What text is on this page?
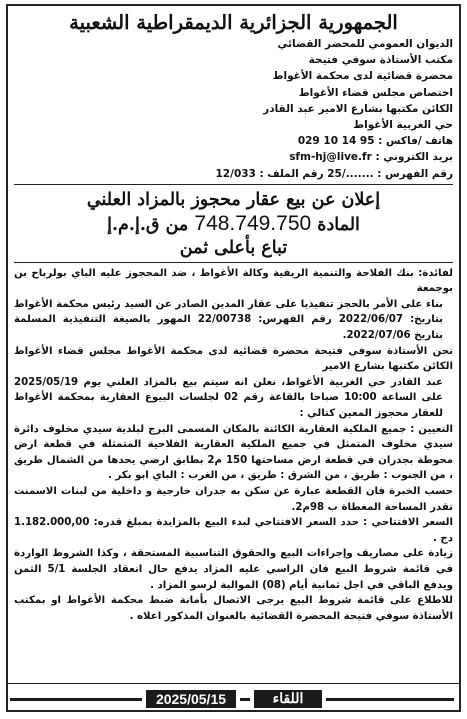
الجمهورية الجزائرية الديمقراطية الشعبية
الديوان العمومي للمحضر القضائي
مكتب الأستاذة سوفي فتيحة
محضرة قضائية لدى محكمة الأغواط
اختصاص مجلس قضاء الأغواط
الكائن مكتبها بشارع الامير عبد القادر
حي الغربية الأغواط
هاتف /فاكس : 029 10 14 95
بريد الكتروني : sfm-hj@live.fr
رقم الفهرس : ......./25 رقم الملف : 12/033
إعلان عن بيع عقار محجوز بالمزاد العلني
المادة 748.749.750 من ق.إ.م.إ
تباع بأعلى ثمن

لفائدة: بنك الفلاحة والتنمية الريفية وكالة الأغواط ، ضد المحجوز عليه الباي بولرباح بن بوجمعة

بناء على الأمر بالحجز تنفيذيا على عقار المدين الصادر عن السيد رئيس محكمة الأغواط بتاريخ: 2022/06/07 رقم الفهرس: 22/00738 المهور بالصيغة التنفيذية المسلمة بتاريخ 2022/07/06.

نحن الأستاذة سوفي فتيحة محضرة قضائية لدى محكمة الأغواط مجلس قضاء الأغواط الكائن مكتبها بشارع الامير

عبد القادر حي الغربية الأغواط، نعلن انه سيتم بيع بالمزاد العلني يوم 2025/05/19 على الساعة 10:00 صباحا بالقاعة رقم 02 لجلسات البيوع العقارية بمحكمة الأغواط للعقار محجوز المعين كتالي :

التعيين : جميع الملكية العقارية الكائنة بالمكان المسمى البرج لبلدية سيدي مخلوف دائرة سيدي مخلوف المتمثل في جميع الملكية العقارية الفلاحية المتمثلة في قطعة ارض محوطة بجدران في قطعة ارض مساحتها 150 م2 بطابق ارضي يحدها من الشمال طريق ، من الجنوب : طريق ، من الشرق : طريق ، من الغرب : الباي ابو بكر .

حسب الخبرة فان القطعة عبارة عن سكن به جدران خارجية و داخلية من لبنات الاسمنت تقدر المساحة المغطاة ب 98م2.

السعر الافتتاحي : حدد السعر الافتتاحي لبدء البيع بالمزايدة بمبلغ قدره: 1.182.000,00 دج .

زيادة على مصاريف وإجراءات البيع والحقوق التناسبية المستحقة ، وكذا الشروط الواردة في قائمة شروط البيع فان الراسي عليه المزاد يدفع حال انعقاد الجلسة 5/1 الثمن ويدفع الباقي في اجل ثمانية أيام (08) الموالية لرسو المزاد .

للاطلاع على قائمة شروط البيع يرجى الاتصال بأمانة ضبط محكمة الأغواط او بمكتب الأستاذة سوفي فتيحة المحضرة القضائية بالعنوان المذكور اعلاه .

2025/05/15	اللقاء
